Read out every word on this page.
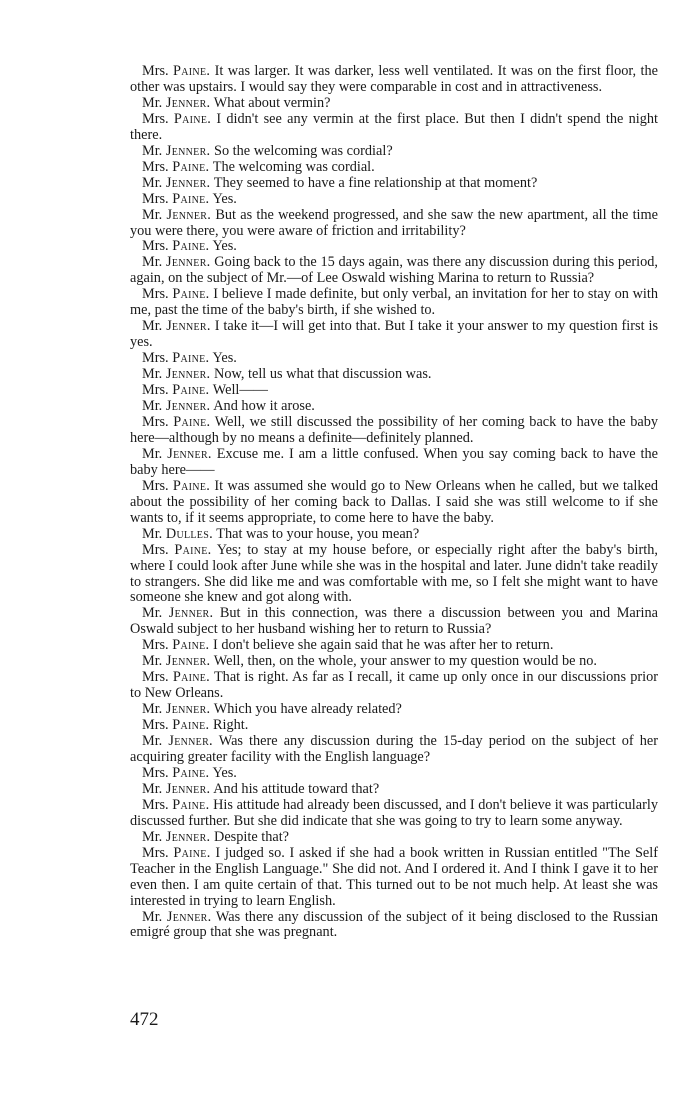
Mrs. Paine. It was larger. It was darker, less well ventilated. It was on the first floor, the other was upstairs. I would say they were comparable in cost and in attractiveness.

Mr. Jenner. What about vermin?

Mrs. Paine. I didn't see any vermin at the first place. But then I didn't spend the night there.

Mr. Jenner. So the welcoming was cordial?

Mrs. Paine. The welcoming was cordial.

Mr. Jenner. They seemed to have a fine relationship at that moment?

Mrs. Paine. Yes.

Mr. Jenner. But as the weekend progressed, and she saw the new apartment, all the time you were there, you were aware of friction and irritability?

Mrs. Paine. Yes.

Mr. Jenner. Going back to the 15 days again, was there any discussion during this period, again, on the subject of Mr.—of Lee Oswald wishing Marina to return to Russia?

Mrs. Paine. I believe I made definite, but only verbal, an invitation for her to stay on with me, past the time of the baby's birth, if she wished to.

Mr. Jenner. I take it—I will get into that. But I take it your answer to my question first is yes.

Mrs. Paine. Yes.

Mr. Jenner. Now, tell us what that discussion was.

Mrs. Paine. Well——

Mr. Jenner. And how it arose.

Mrs. Paine. Well, we still discussed the possibility of her coming back to have the baby here—although by no means a definite—definitely planned.

Mr. Jenner. Excuse me. I am a little confused. When you say coming back to have the baby here——

Mrs. Paine. It was assumed she would go to New Orleans when he called, but we talked about the possibility of her coming back to Dallas. I said she was still welcome to if she wants to, if it seems appropriate, to come here to have the baby.

Mr. Dulles. That was to your house, you mean?

Mrs. Paine. Yes; to stay at my house before, or especially right after the baby's birth, where I could look after June while she was in the hospital and later. June didn't take readily to strangers. She did like me and was comfortable with me, so I felt she might want to have someone she knew and got along with.

Mr. Jenner. But in this connection, was there a discussion between you and Marina Oswald subject to her husband wishing her to return to Russia?

Mrs. Paine. I don't believe she again said that he was after her to return.

Mr. Jenner. Well, then, on the whole, your answer to my question would be no.

Mrs. Paine. That is right. As far as I recall, it came up only once in our discussions prior to New Orleans.

Mr. Jenner. Which you have already related?

Mrs. Paine. Right.

Mr. Jenner. Was there any discussion during the 15-day period on the subject of her acquiring greater facility with the English language?

Mrs. Paine. Yes.

Mr. Jenner. And his attitude toward that?

Mrs. Paine. His attitude had already been discussed, and I don't believe it was particularly discussed further. But she did indicate that she was going to try to learn some anyway.

Mr. Jenner. Despite that?

Mrs. Paine. I judged so. I asked if she had a book written in Russian entitled "The Self Teacher in the English Language." She did not. And I ordered it. And I think I gave it to her even then. I am quite certain of that. This turned out to be not much help. At least she was interested in trying to learn English.

Mr. Jenner. Was there any discussion of the subject of it being disclosed to the Russian emigré group that she was pregnant.

472
